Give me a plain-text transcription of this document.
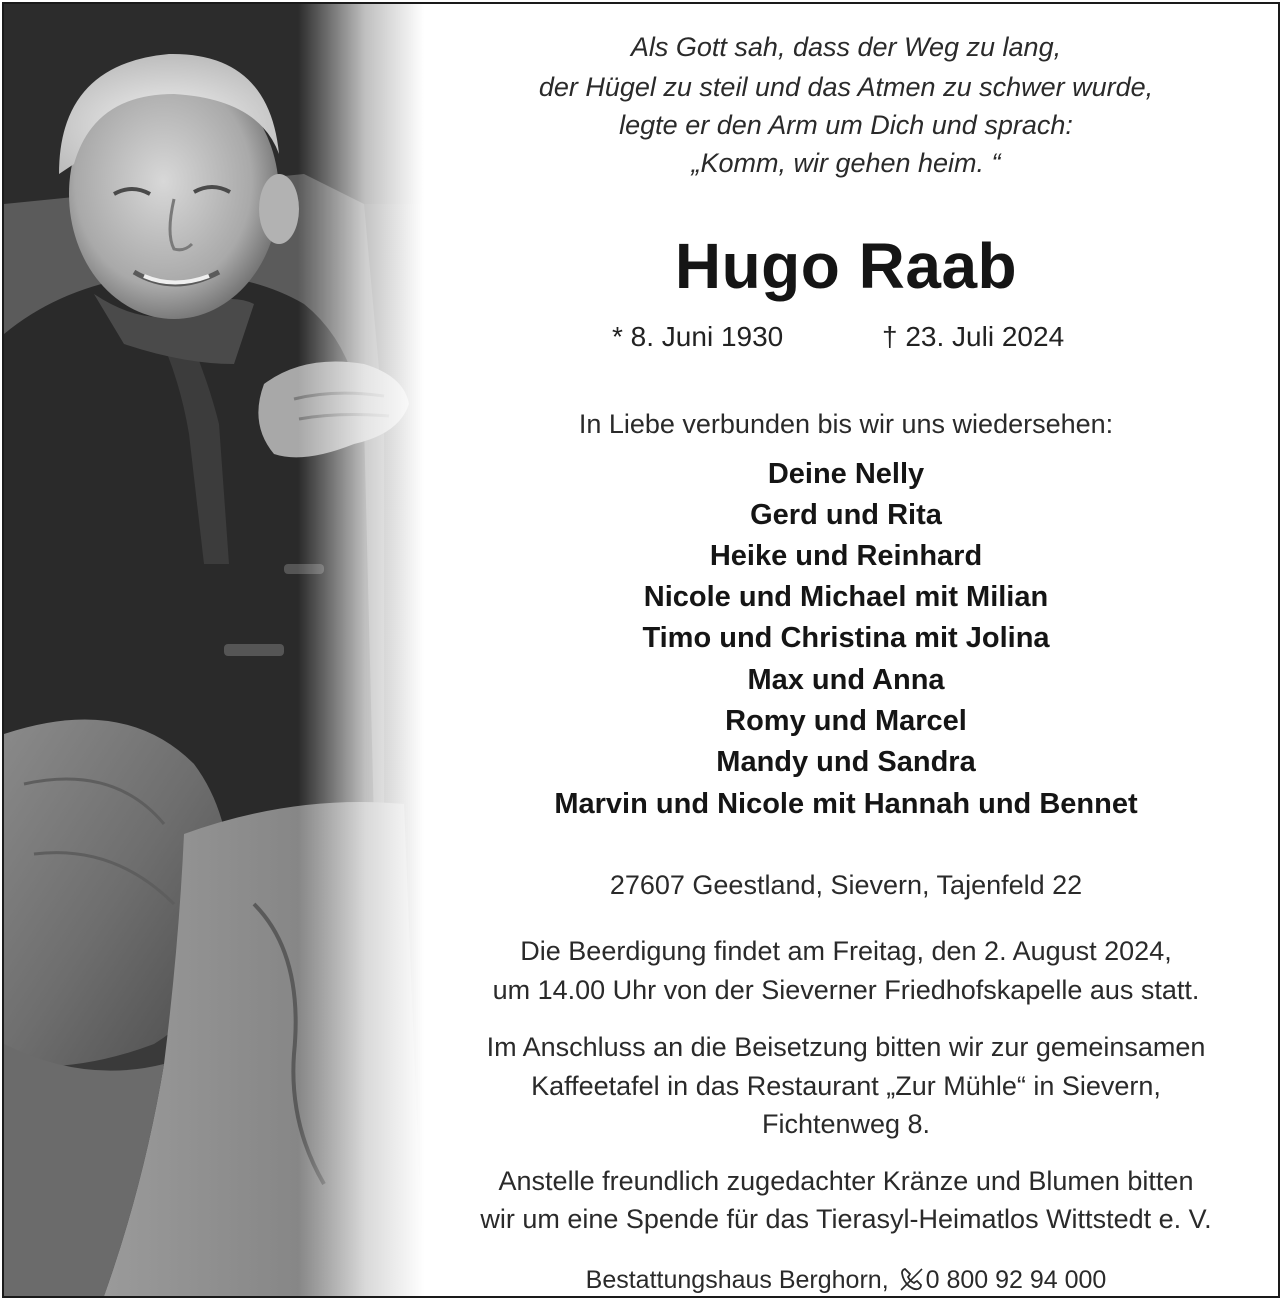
Als Gott sah, dass der Weg zu lang,
der Hügel zu steil und das Atmen zu schwer wurde,
legte er den Arm um Dich und sprach:
„Komm, wir gehen heim. “
Hugo Raab
* 8. Juni 1930	† 23. Juli 2024
In Liebe verbunden bis wir uns wiedersehen:
Deine Nelly
Gerd und Rita
Heike und Reinhard
Nicole und Michael mit Milian
Timo und Christina mit Jolina
Max und Anna
Romy und Marcel
Mandy und Sandra
Marvin und Nicole mit Hannah und Bennet
27607 Geestland, Sievern, Tajenfeld 22
Die Beerdigung findet am Freitag, den 2. August 2024,
um 14.00 Uhr von der Sieverner Friedhofskapelle aus statt.
Im Anschluss an die Beisetzung bitten wir zur gemeinsamen
Kaffeetafel in das Restaurant „Zur Mühle“ in Sievern,
Fichtenweg 8.
Anstelle freundlich zugedachter Kränze und Blumen bitten
wir um eine Spende für das Tierasyl-Heimatlos Wittstedt e. V.
Bestattungshaus Berghorn, 0 800 92 94 000
